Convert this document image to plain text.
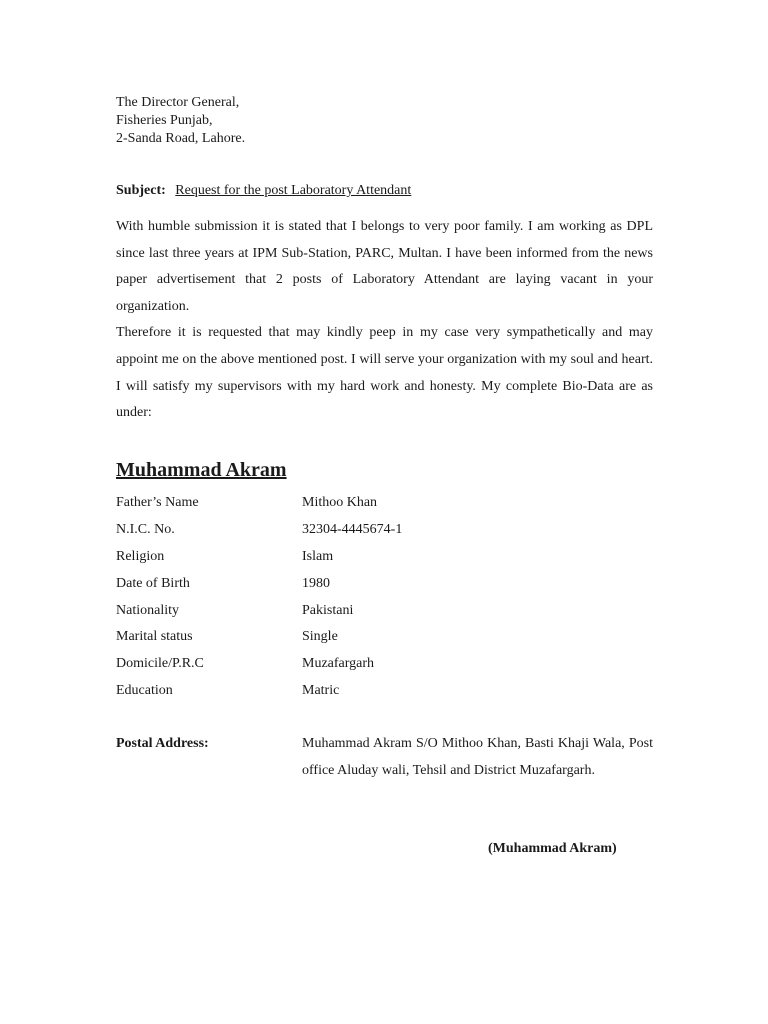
The Director General,
Fisheries Punjab,
2-Sanda Road, Lahore.
Subject: Request for the post Laboratory Attendant

With humble submission it is stated that I belongs to very poor family. I am working as DPL since last three years at IPM Sub-Station, PARC, Multan. I have been informed from the news paper advertisement that 2 posts of Laboratory Attendant are laying vacant in your organization.

Therefore it is requested that may kindly peep in my case very sympathetically and may appoint me on the above mentioned post. I will serve your organization with my soul and heart. I will satisfy my supervisors with my hard work and honesty. My complete Bio-Data are as under:

Muhammad Akram
Father’s Name	Mithoo Khan
N.I.C. No.	32304-4445674-1
Religion	Islam
Date of Birth	1980
Nationality	Pakistani
Marital status	Single
Domicile/P.R.C	Muzafargarh
Education	Matric
Postal Address:	Muhammad Akram S/O Mithoo Khan, Basti Khaji Wala, Post office Aluday wali, Tehsil and District Muzafargarh.
(Muhammad Akram)
